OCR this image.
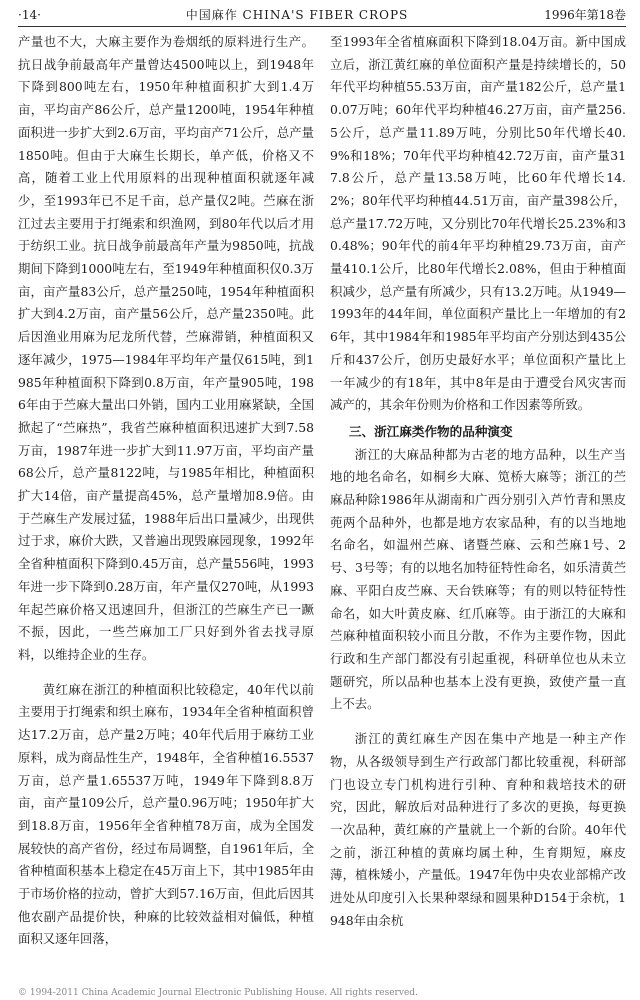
·14·	中国麻作 CHINA'S FIBER CROPS	1996年第18卷

产量也不大，大麻主要作为卷烟纸的原料进行生产。抗日战争前最高年产量曾达4500吨以上，到1948年下降到800吨左右，1950年种植面积扩大到1.4万亩，平均亩产86公斤，总产量1200吨，1954年种植面积进一步扩大到2.6万亩，平均亩产71公斤，总产量1850吨。但由于大麻生长期长，单产低，价格又不高，随着工业上代用原料的出现种植面积就逐年减少，至1993年已不足千亩，总产量仅2吨。苎麻在浙江过去主要用于打绳索和织渔网，到80年代以后才用于纺织工业。抗日战争前最高年产量为9850吨，抗战期间下降到1000吨左右，至1949年种植面积仅0.3万亩，亩产量83公斤，总产量250吨，1954年种植面积扩大到4.2万亩，亩产量56公斤，总产量2350吨。此后因渔业用麻为尼龙所代替，苎麻滞销，种植面积又逐年减少，1975—1984年平均年产量仅615吨，到1985年种植面积下降到0.8万亩，年产量905吨，1986年由于苎麻大量出口外销，国内工业用麻紧缺，全国掀起了“苎麻热”，我省苎麻种植面积迅速扩大到7.58万亩，1987年进一步扩大到11.97万亩，平均亩产量68公斤，总产量8122吨，与1985年相比，种植面积扩大14倍，亩产量提高45%，总产量增加8.9倍。由于苎麻生产发展过猛，1988年后出口量减少，出现供过于求，麻价大跌，又普遍出现毁麻园现象，1992年全省种植面积下降到0.45万亩，总产量556吨，1993年进一步下降到0.28万亩，年产量仅270吨，从1993年起苎麻价格又迅速回升，但浙江的苎麻生产已一蹶不振，因此，一些苎麻加工厂只好到外省去找寻原料，以维持企业的生存。

黄红麻在浙江的种植面积比较稳定，40年代以前主要用于打绳索和织土麻布，1934年全省种植面积曾达17.2万亩，总产量2万吨；40年代后用于麻纺工业原料，成为商品性生产，1948年，全省种植16.5537万亩，总产量1.65537万吨，1949年下降到8.8万亩，亩产量109公斤，总产量0.96万吨；1950年扩大到18.8万亩，1956年全省种植78万亩，成为全国发展较快的高产省份，经过布局调整，自1961年后，全省种植面积基本上稳定在45万亩上下，其中1985年由于市场价格的拉动，曾扩大到57.16万亩，但此后因其他农副产品提价快，种麻的比较效益相对偏低，种植面积又逐年回落，

至1993年全省植麻面积下降到18.04万亩。新中国成立后，浙江黄红麻的单位面积产量是持续增长的，50年代平均种植55.53万亩，亩产量182公斤，总产量10.07万吨；60年代平均种植46.27万亩，亩产量256.5公斤，总产量11.89万吨，分别比50年代增长40.9%和18%；70年代平均种植42.72万亩，亩产量317.8公斤，总产量13.58万吨，比60年代增长14.2%；80年代平均种植44.51万亩，亩产量398公斤，总产量17.72万吨，又分别比70年代增长25.23%和30.48%；90年代的前4年平均种植29.73万亩，亩产量410.1公斤，比80年代增长2.08%，但由于种植面积减少，总产量有所减少，只有13.2万吨。从1949—1993年的44年间，单位面积产量比上一年增加的有26年，其中1984年和1985年平均亩产分别达到435公斤和437公斤，创历史最好水平；单位面积产量比上一年减少的有18年，其中8年是由于遭受台风灾害而减产的，其余年份则为价格和工作因素等所致。

三、浙江麻类作物的品种演变

浙江的大麻品种都为古老的地方品种，以生产当地的地名命名，如桐乡大麻、笕桥大麻等；浙江的苎麻品种除1986年从湖南和广西分别引入芦竹青和黑皮蔸两个品种外，也都是地方农家品种，有的以当地地名命名，如温州苎麻、诸暨苎麻、云和苎麻1号、2号、3号等；有的以地名加特征特性命名，如乐清黄苎麻、平阳白皮苎麻、天台铁麻等；有的则以特征特性命名，如大叶黄皮麻、红爪麻等。由于浙江的大麻和苎麻种植面积较小而且分散，不作为主要作物，因此行政和生产部门都没有引起重视，科研单位也从未立题研究，所以品种也基本上没有更换，致使产量一直上不去。

浙江的黄红麻生产因在集中产地是一种主产作物，从各级领导到生产行政部门都比较重视，科研部门也设立专门机构进行引种、育种和栽培技术的研究，因此，解放后对品种进行了多次的更换，每更换一次品种，黄红麻的产量就上一个新的台阶。40年代之前，浙江种植的黄麻均属土种，生育期短，麻皮薄，植株矮小，产量低。1947年伪中央农业部棉产改进处从印度引入长果种翠绿和圆果种D154于余杭，1948年由余杭

© 1994-2011 China Academic Journal Electronic Publishing House. All rights reserved.
